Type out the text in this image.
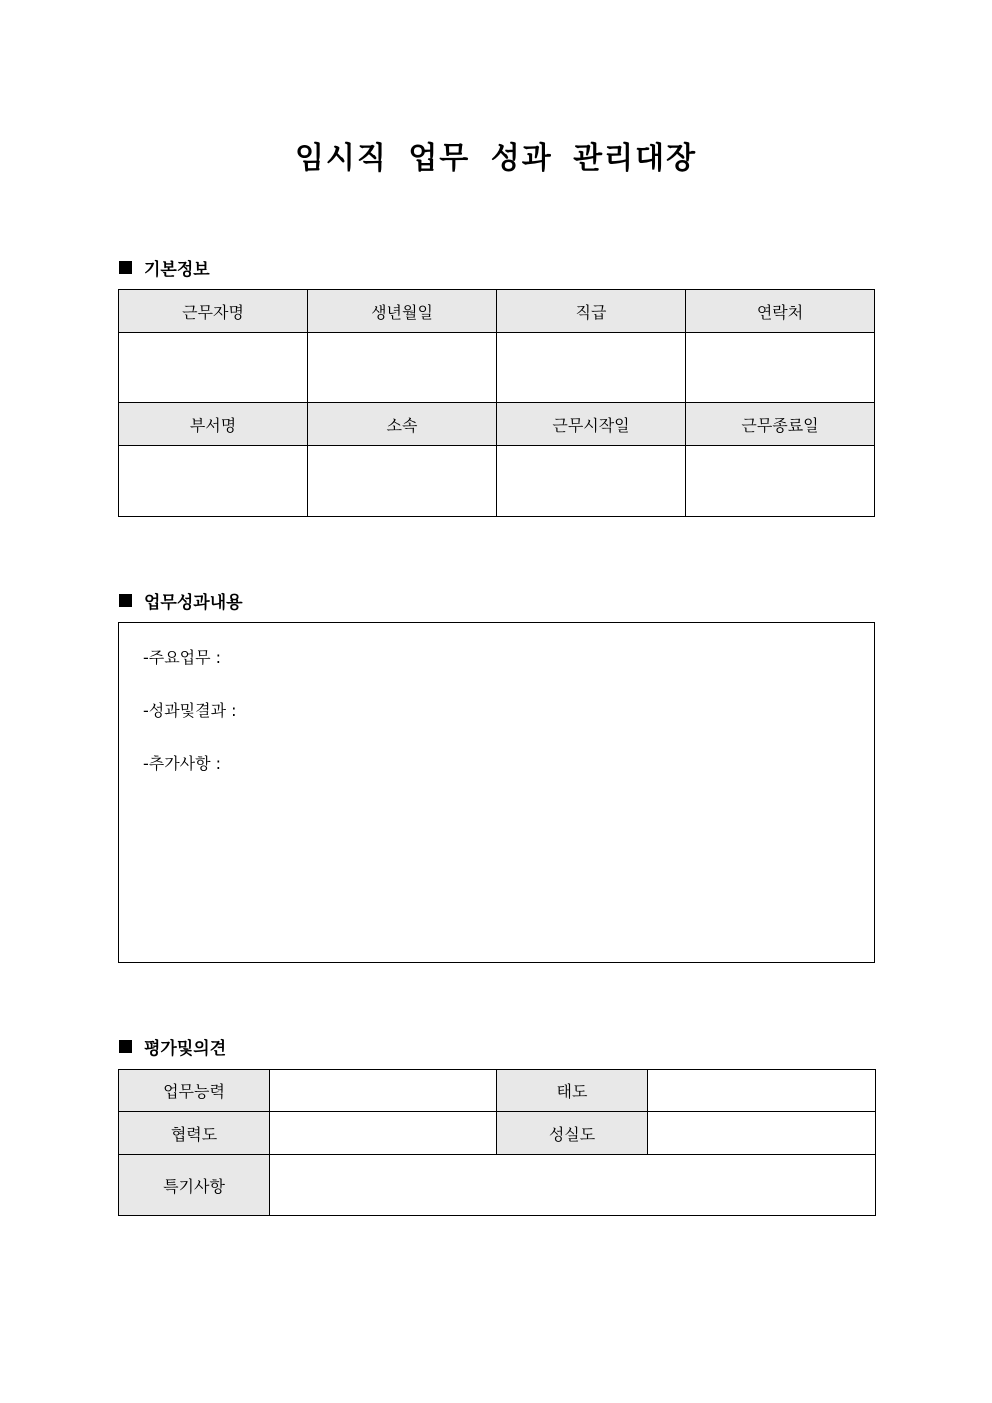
임시직 업무 성과 관리대장
기본정보
근무자명	생년월일	직급	연락처

부서명	소속	근무시작일	근무종료일

업무성과내용
-주요업무 :
-성과및결과 :
-추가사항 :
평가및의견
업무능력		태도	
협력도		성실도	
특기사항			
